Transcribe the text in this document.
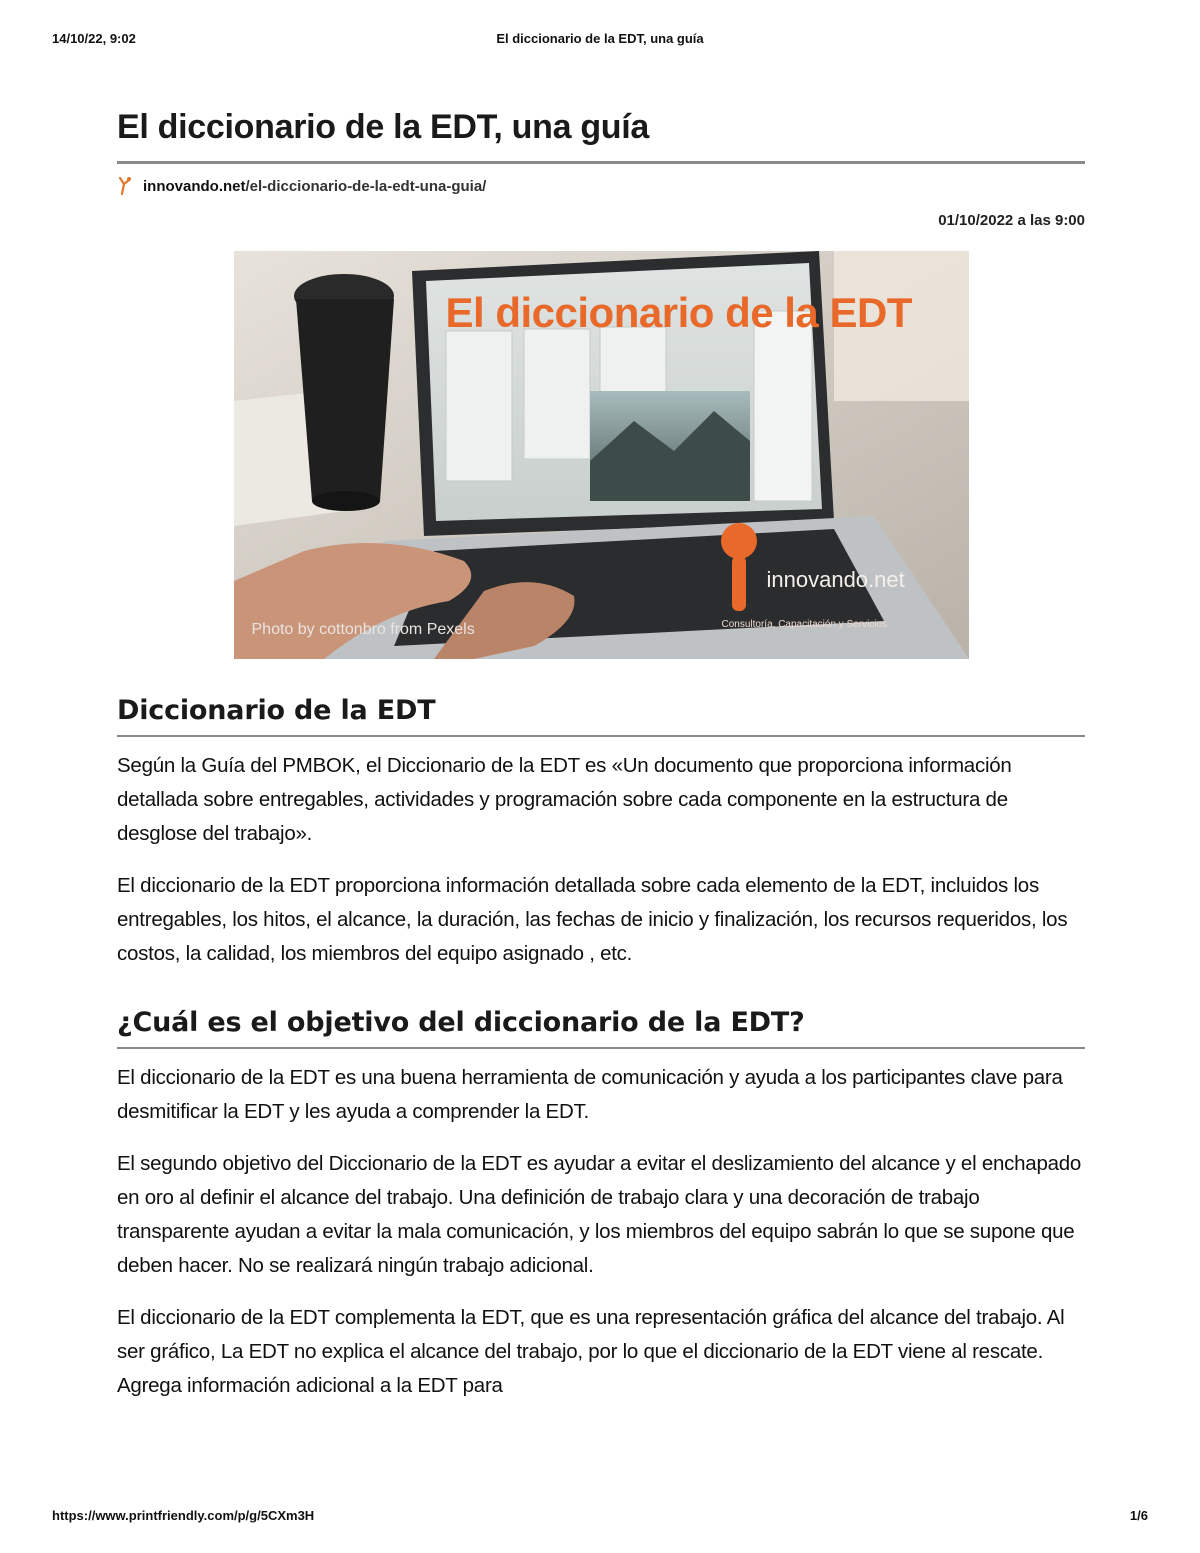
14/10/22, 9:02	El diccionario de la EDT, una guía
El diccionario de la EDT, una guía
innovando.net /el-diccionario-de-la-edt-una-guia/
01/10/2022 a las 9:00
El diccionario de la EDT
Photo by cottonbro from Pexels
innovando.net
Consultoría, Capacitación y Servicios
Diccionario de la EDT

Según la Guía del PMBOK, el Diccionario de la EDT es «Un documento que proporciona información detallada sobre entregables, actividades y programación sobre cada componente en la estructura de desglose del trabajo».

El diccionario de la EDT proporciona información detallada sobre cada elemento de la EDT, incluidos los entregables, los hitos, el alcance, la duración, las fechas de inicio y finalización, los recursos requeridos, los costos, la calidad, los miembros del equipo asignado , etc.

¿Cuál es el objetivo del diccionario de la EDT?

El diccionario de la EDT es una buena herramienta de comunicación y ayuda a los participantes clave para desmitificar la EDT y les ayuda a comprender la EDT.

El segundo objetivo del Diccionario de la EDT es ayudar a evitar el deslizamiento del alcance y el enchapado en oro al definir el alcance del trabajo. Una definición de trabajo clara y una decoración de trabajo transparente ayudan a evitar la mala comunicación, y los miembros del equipo sabrán lo que se supone que deben hacer. No se realizará ningún trabajo adicional.

El diccionario de la EDT complementa la EDT, que es una representación gráfica del alcance del trabajo. Al ser gráfico, La EDT no explica el alcance del trabajo, por lo que el diccionario de la EDT viene al rescate. Agrega información adicional a la EDT para

https://www.printfriendly.com/p/g/5CXm3H	1/6
